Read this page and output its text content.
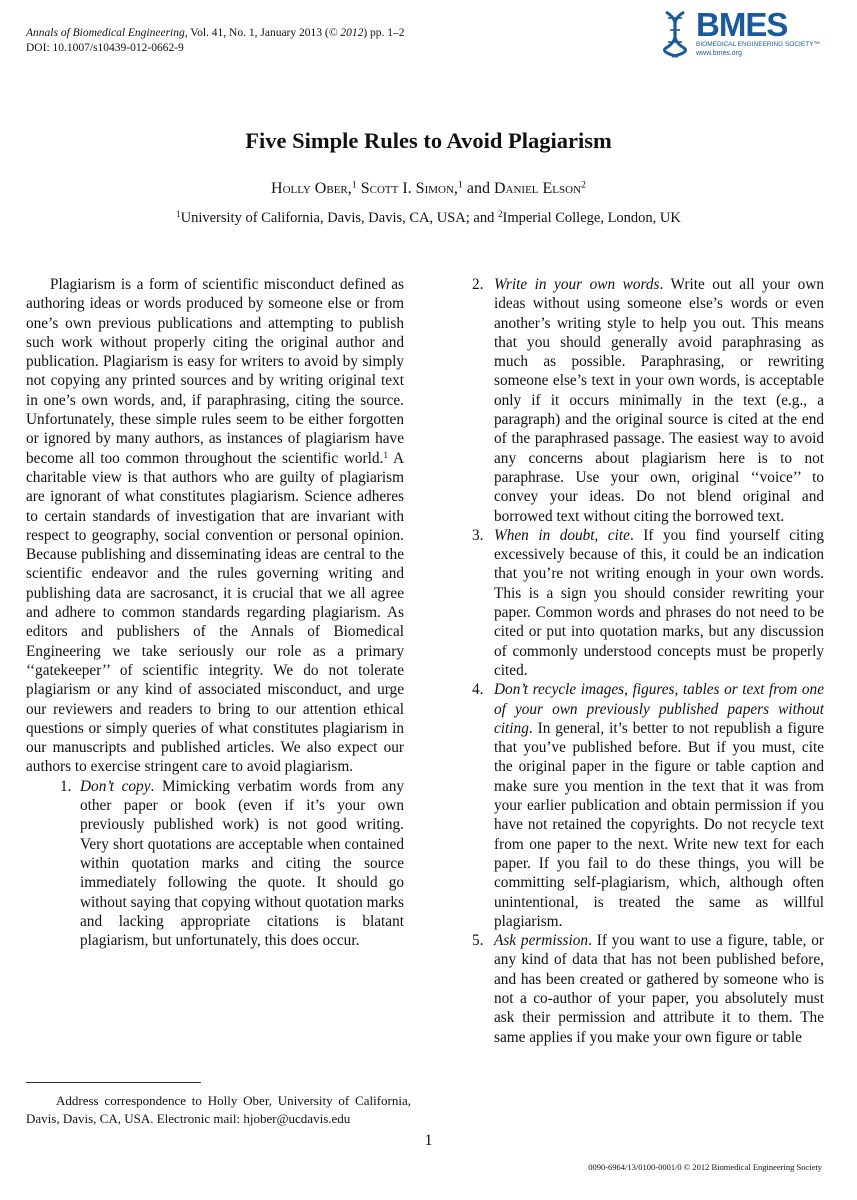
Annals of Biomedical Engineering, Vol. 41, No. 1, January 2013 (© 2012) pp. 1–2
DOI: 10.1007/s10439-012-0662-9
BMES
BIOMEDICAL ENGINEERING SOCIETY™
www.bmes.org
Five Simple Rules to Avoid Plagiarism
Holly Ober,$^1$ Scott I. Simon,$^1$ and Daniel Elson$^2$
$^1$University of California, Davis, Davis, CA, USA; and $^2$Imperial College, London, UK

Plagiarism is a form of scientific misconduct defined as authoring ideas or words produced by someone else or from one’s own previous publications and attempting to publish such work without properly citing the original author and publication. Plagiarism is easy for writers to avoid by simply not copying any printed sources and by writing original text in one’s own words, and, if paraphrasing, citing the source. Unfortunately, these simple rules seem to be either forgotten or ignored by many authors, as instances of plagiarism have become all too common throughout the scientific world.$^1$ A charitable view is that authors who are guilty of plagiarism are ignorant of what constitutes plagiarism. Science adheres to certain standards of investigation that are invariant with respect to geography, social convention or personal opinion. Because publishing and disseminating ideas are central to the scientific endeavor and the rules governing writing and publishing data are sacrosanct, it is crucial that we all agree and adhere to common standards regarding plagiarism. As editors and publishers of the Annals of Biomedical Engineering we take seriously our role as a primary ‘‘gatekeeper’’ of scientific integrity. We do not tolerate plagiarism or any kind of associated misconduct, and urge our reviewers and readers to bring to our attention ethical questions or simply queries of what constitutes plagiarism in our manuscripts and published articles. We also expect our authors to exercise stringent care to avoid plagiarism.

1. Don’t copy. Mimicking verbatim words from any other paper or book (even if it’s your own previously published work) is not good writing. Very short quotations are acceptable when contained within quotation marks and citing the source immediately following the quote. It should go without saying that copying without quotation marks and lacking appropriate citations is blatant plagiarism, but unfortunately, this does occur.

2. Write in your own words. Write out all your own ideas without using someone else’s words or even another’s writing style to help you out. This means that you should generally avoid paraphrasing as much as possible. Paraphrasing, or rewriting someone else’s text in your own words, is acceptable only if it occurs minimally in the text (e.g., a paragraph) and the original source is cited at the end of the paraphrased passage. The easiest way to avoid any concerns about plagiarism here is to not paraphrase. Use your own, original ‘‘voice’’ to convey your ideas. Do not blend original and borrowed text without citing the borrowed text.

3. When in doubt, cite. If you find yourself citing excessively because of this, it could be an indication that you’re not writing enough in your own words. This is a sign you should consider rewriting your paper. Common words and phrases do not need to be cited or put into quotation marks, but any discussion of commonly understood concepts must be properly cited.

4. Don’t recycle images, figures, tables or text from one of your own previously published papers without citing. In general, it’s better to not republish a figure that you’ve published before. But if you must, cite the original paper in the figure or table caption and make sure you mention in the text that it was from your earlier publication and obtain permission if you have not retained the copyrights. Do not recycle text from one paper to the next. Write new text for each paper. If you fail to do these things, you will be committing self-plagiarism, which, although often unintentional, is treated the same as willful plagiarism.

5. Ask permission. If you want to use a figure, table, or any kind of data that has not been published before, and has been created or gathered by someone who is not a co-author of your paper, you absolutely must ask their permission and attribute it to them. The same applies if you make your own figure or table

Address correspondence to Holly Ober, University of California, Davis, Davis, CA, USA. Electronic mail: hjober@ucdavis.edu
1
0090-6964/13/0100-0001/0 © 2012 Biomedical Engineering Society
